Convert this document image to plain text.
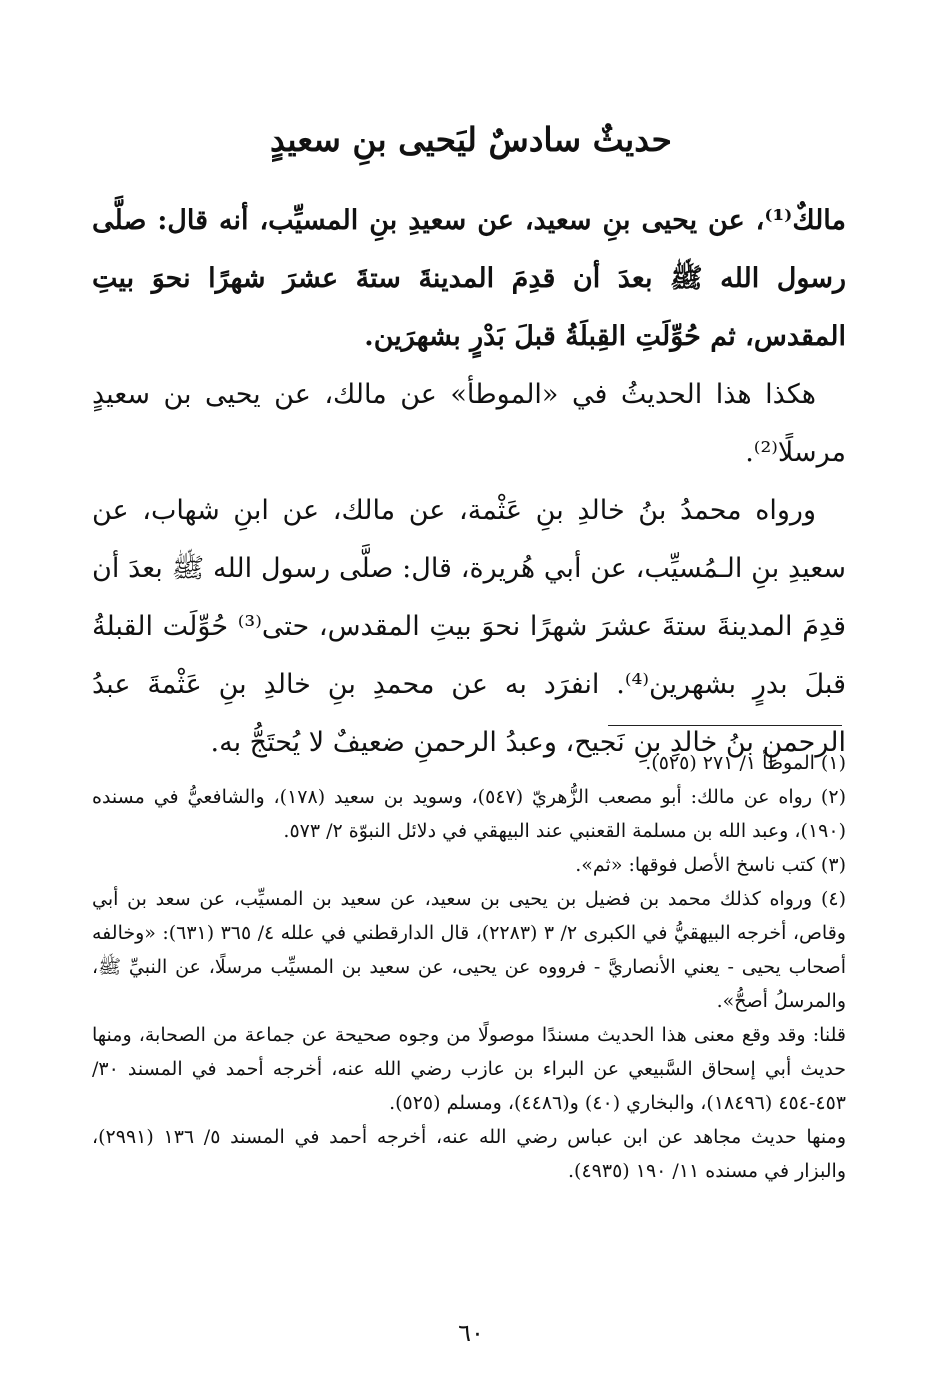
حديثٌ سادسٌ ليَحيى بنِ سعيدٍ

مالكٌ⁽¹⁾، عن يحيى بنِ سعيد، عن سعيدِ بنِ المسيِّب، أنه قال: صلَّى رسول الله ﷺ بعدَ أن قدِمَ المدينةَ ستةَ عشرَ شهرًا نحوَ بيتِ المقدس، ثم حُوِّلَتِ القِبلَةُ قبلَ بَدْرٍ بشهرَين.

هكذا هذا الحديثُ في «الموطأ» عن مالك، عن يحيى بن سعيدٍ مرسلًا⁽²⁾.

ورواه محمدُ بنُ خالدِ بنِ عَثْمة، عن مالك، عن ابنِ شهاب، عن سعيدِ بنِ الـمُسيِّب، عن أبي هُريرة، قال: صلَّى رسول الله ﷺ بعدَ أن قدِمَ المدينةَ ستةَ عشرَ شهرًا نحوَ بيتِ المقدس، حتى⁽³⁾ حُوِّلَت القبلةُ قبلَ بدرٍ بشهرين⁽⁴⁾. انفرَد به عن محمدِ بنِ خالدِ بنِ عَثْمةَ عبدُ الرحمنِ بنُ خالدِ بنِ نَجيح، وعبدُ الرحمنِ ضعيفٌ لا يُحتَجُّ به.

(١) الموطأ ١/ ٢٧١ (٥٢٥).

(٢) رواه عن مالك: أبو مصعب الزُّهريّ (٥٤٧)، وسويد بن سعيد (١٧٨)، والشافعيُّ في مسنده (١٩٠)، وعبد الله بن مسلمة القعنبي عند البيهقي في دلائل النبوّة ٢/ ٥٧٣.

(٣) كتب ناسخ الأصل فوقها: «ثم».

(٤) ورواه كذلك محمد بن فضيل بن يحيى بن سعيد، عن سعيد بن المسيِّب، عن سعد بن أبي وقاص، أخرجه البيهقيُّ في الكبرى ٢/ ٣ (٢٢٨٣)، قال الدارقطني في علله ٤/ ٣٦٥ (٦٣١): «وخالفه أصحاب يحيى - يعني الأنصاريَّ - فرووه عن يحيى، عن سعيد بن المسيِّب مرسلًا، عن النبيِّ ﷺ، والمرسلُ أصحُّ».

قلنا: وقد وقع معنى هذا الحديث مسندًا موصولًا من وجوه صحيحة عن جماعة من الصحابة، ومنها حديث أبي إسحاق السَّبيعي عن البراء بن عازب رضي الله عنه، أخرجه أحمد في المسند ٣٠/ ٤٥٣-٤٥٤ (١٨٤٩٦)، والبخاري (٤٠) و(٤٤٨٦)، ومسلم (٥٢٥).

ومنها حديث مجاهد عن ابن عباس رضي الله عنه، أخرجه أحمد في المسند ٥/ ١٣٦ (٢٩٩١)، والبزار في مسنده ١١/ ١٩٠ (٤٩٣٥).

٦٠
